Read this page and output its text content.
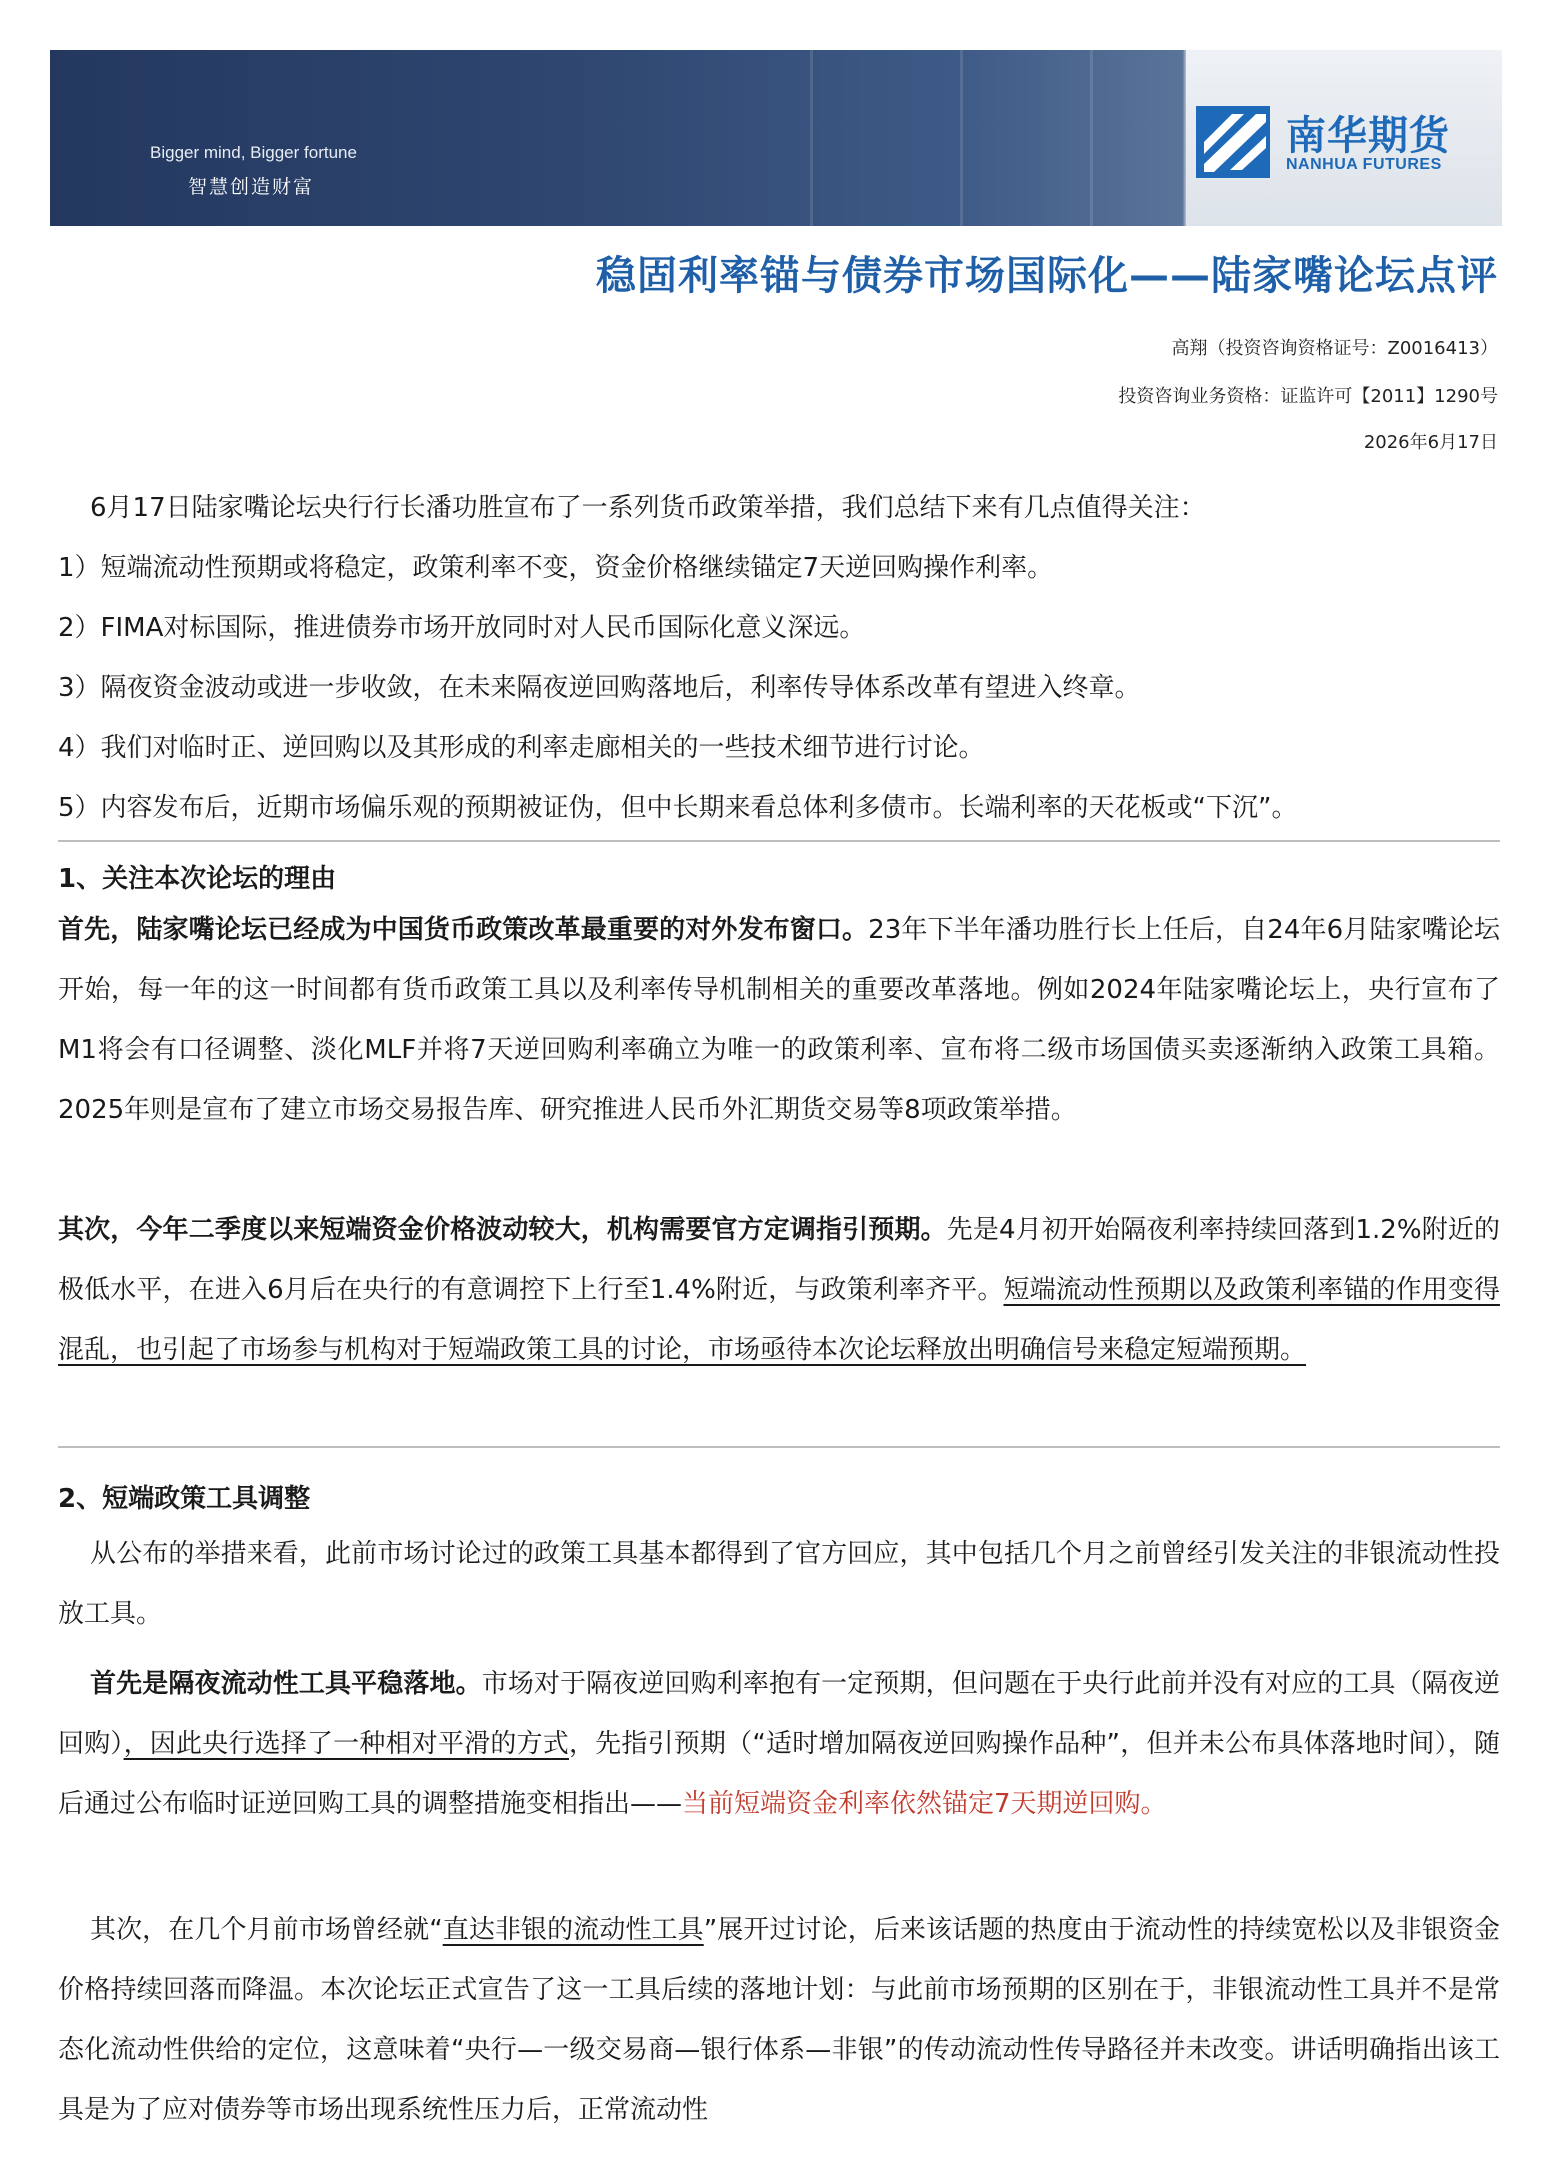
Bigger mind, Bigger fortune
智慧创造财富
南华期货
NANHUA FUTURES
稳固利率锚与债券市场国际化——陆家嘴论坛点评
高翔（投资咨询资格证号：Z0016413）
投资咨询业务资格：证监许可【2011】1290号
2026年6月17日
6月17日陆家嘴论坛央行行长潘功胜宣布了一系列货币政策举措，我们总结下来有几点值得关注：
1）短端流动性预期或将稳定，政策利率不变，资金价格继续锚定7天逆回购操作利率。
2）FIMA对标国际，推进债券市场开放同时对人民币国际化意义深远。
3）隔夜资金波动或进一步收敛，在未来隔夜逆回购落地后，利率传导体系改革有望进入终章。
4）我们对临时正、逆回购以及其形成的利率走廊相关的一些技术细节进行讨论。
5）内容发布后，近期市场偏乐观的预期被证伪，但中长期来看总体利多债市。长端利率的天花板或“下沉”。
1、关注本次论坛的理由
首先，陆家嘴论坛已经成为中国货币政策改革最重要的对外发布窗口。23年下半年潘功胜行长上任后，自24年6月陆家嘴论坛开始，每一年的这一时间都有货币政策工具以及利率传导机制相关的重要改革落地。例如2024年陆家嘴论坛上，央行宣布了M1将会有口径调整、淡化MLF并将7天逆回购利率确立为唯一的政策利率、宣布将二级市场国债买卖逐渐纳入政策工具箱。2025年则是宣布了建立市场交易报告库、研究推进人民币外汇期货交易等8项政策举措。
其次，今年二季度以来短端资金价格波动较大，机构需要官方定调指引预期。先是4月初开始隔夜利率持续回落到1.2%附近的极低水平，在进入6月后在央行的有意调控下上行至1.4%附近，与政策利率齐平。短端流动性预期以及政策利率锚的作用变得混乱，也引起了市场参与机构对于短端政策工具的讨论，市场亟待本次论坛释放出明确信号来稳定短端预期。
2、短端政策工具调整
从公布的举措来看，此前市场讨论过的政策工具基本都得到了官方回应，其中包括几个月之前曾经引发关注的非银流动性投放工具。
首先是隔夜流动性工具平稳落地。市场对于隔夜逆回购利率抱有一定预期，但问题在于央行此前并没有对应的工具（隔夜逆回购），因此央行选择了一种相对平滑的方式，先指引预期（“适时增加隔夜逆回购操作品种”，但并未公布具体落地时间），随后通过公布临时证逆回购工具的调整措施变相指出——当前短端资金利率依然锚定7天期逆回购。
其次，在几个月前市场曾经就“直达非银的流动性工具”展开过讨论，后来该话题的热度由于流动性的持续宽松以及非银资金价格持续回落而降温。本次论坛正式宣告了这一工具后续的落地计划：与此前市场预期的区别在于，非银流动性工具并不是常态化流动性供给的定位，这意味着“央行—一级交易商—银行体系—非银”的传动流动性传导路径并未改变。讲话明确指出该工具是为了应对债券等市场出现系统性压力后，正常流动性
